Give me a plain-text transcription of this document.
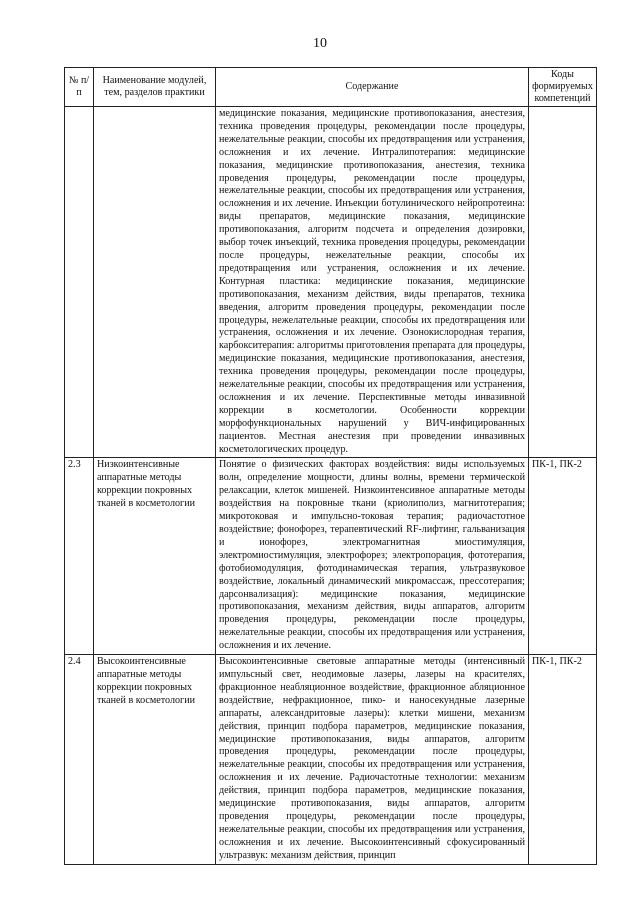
10
№ п/п	Наименование модулей, тем, разделов практики	Содержание	Коды формируемых компетенций
		медицинские показания, медицинские противопоказания, анестезия, техника проведения процедуры, рекомендации после процедуры, нежелательные реакции, способы их предотвращения или устранения, осложнения и их лечение. Интралипотерапия: медицинские показания, медицинские противопоказания, анестезия, техника проведения процедуры, рекомендации после процедуры, нежелательные реакции, способы их предотвращения или устранения, осложнения и их лечение. Инъекции ботулинического нейропротеина: виды препаратов, медицинские показания, медицинские противопоказания, алгоритм подсчета и определения дозировки, выбор точек инъекций, техника проведения процедуры, рекомендации после процедуры, нежелательные реакции, способы их предотвращения или устранения, осложнения и их лечение. Контурная пластика: медицинские показания, медицинские противопоказания, механизм действия, виды препаратов, техника введения, алгоритм проведения процедуры, рекомендации после процедуры, нежелательные реакции, способы их предотвращения или устранения, осложнения и их лечение. Озонокислородная терапия, карбокситерапия: алгоритмы приготовления препарата для процедуры, медицинские показания, медицинские противопоказания, анестезия, техника проведения процедуры, рекомендации после процедуры, нежелательные реакции, способы их предотвращения или устранения, осложнения и их лечение. Перспективные методы инвазивной коррекции в косметологии. Особенности коррекции морфофункциональных нарушений у ВИЧ-инфицированных пациентов. Местная анестезия при проведении инвазивных косметологических процедур.	
2.3	Низкоинтенсивные аппаратные методы коррекции покровных тканей в косметологии	Понятие о физических факторах воздействия: виды используемых волн, определение мощности, длины волны, времени термической релаксации, клеток мишеней. Низкоинтенсивное аппаратные методы воздействия на покровные ткани (криолиполиз, магнитотерапия; микротоковая и импульсно-токовая терапия; радиочастотное воздействие; фонофорез, терапевтический RF-лифтинг, гальванизация и ионофорез, электромагнитная миостимуляция, электромиостимуляция, электрофорез; электропорация, фототерапия, фотобиомодуляция, фотодинамическая терапия, ультразвуковое воздействие, локальный динамический микромассаж, прессотерапия; дарсонвализация): медицинские показания, медицинские противопоказания, механизм действия, виды аппаратов, алгоритм проведения процедуры, рекомендации после процедуры, нежелательные реакции, способы их предотвращения или устранения, осложнения и их лечение.	ПК-1, ПК-2
2.4	Высокоинтенсивные аппаратные методы коррекции покровных тканей в косметологии	Высокоинтенсивные световые аппаратные методы (интенсивный импульсный свет, неодимовые лазеры, лазеры на красителях, фракционное неабляционное воздействие, фракционное абляционное воздействие, нефракционное, пико- и наносекундные лазерные аппараты, александритовые лазеры): клетки мишени, механизм действия, принцип подбора параметров, медицинские показания, медицинские противопоказания, виды аппаратов, алгоритм проведения процедуры, рекомендации после процедуры, нежелательные реакции, способы их предотвращения или устранения, осложнения и их лечение. Радиочастотные технологии: механизм действия, принцип подбора параметров, медицинские показания, медицинские противопоказания, виды аппаратов, алгоритм проведения процедуры, рекомендации после процедуры, нежелательные реакции, способы их предотвращения или устранения, осложнения и их лечение. Высокоинтенсивный сфокусированный ультразвук: механизм действия, принцип	ПК-1, ПК-2
